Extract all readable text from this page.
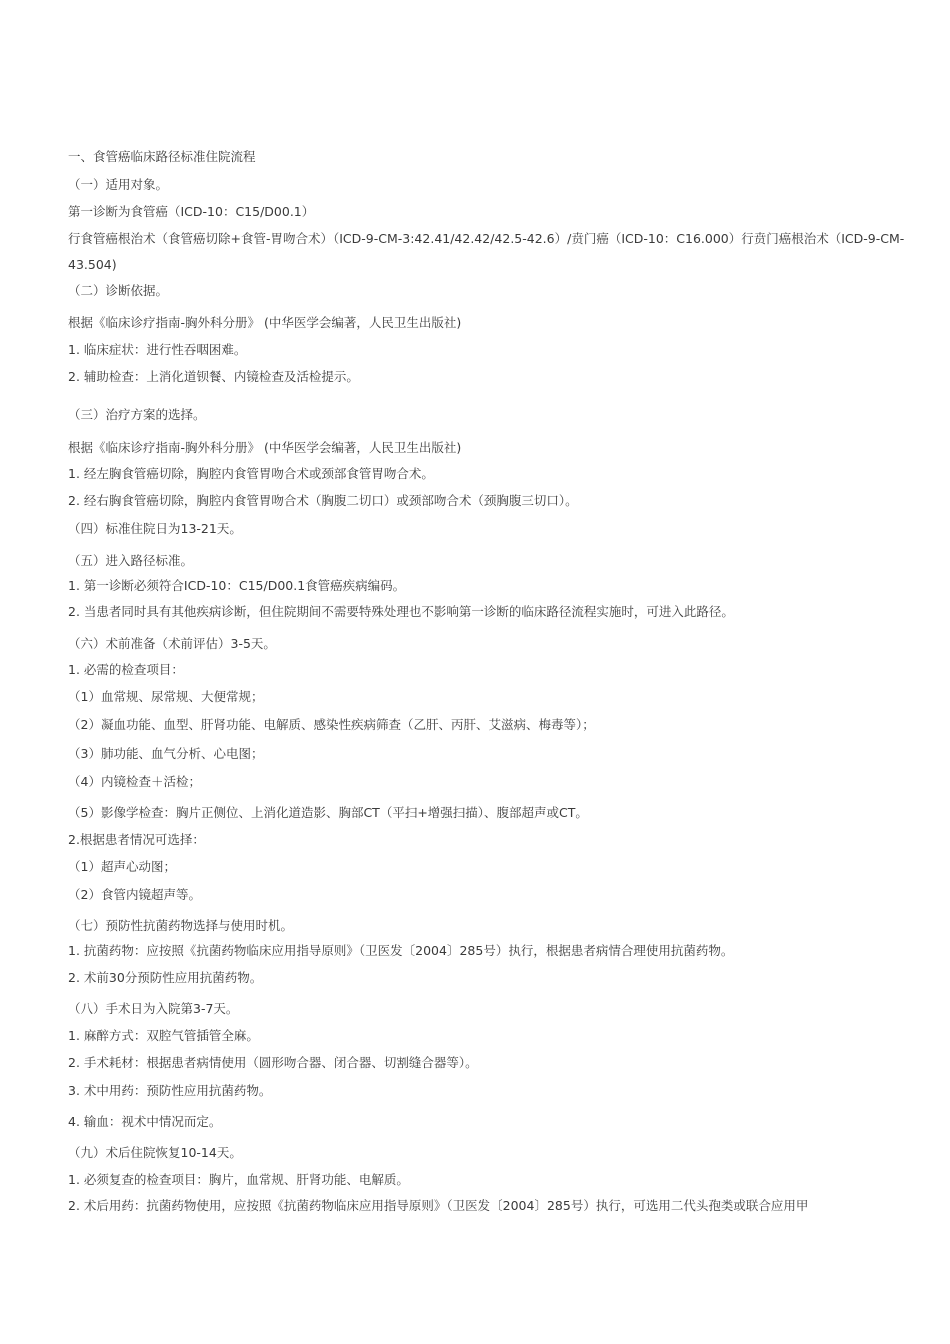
一、食管癌临床路径标准住院流程
（一）适用对象。
第一诊断为食管癌（ICD-10：C15/D00.1）
行食管癌根治术（食管癌切除+食管-胃吻合术）（ICD-9-CM-3:42.41/42.42/42.5-42.6）/贲门癌（ICD-10：C16.000）行贲门癌根治术（ICD-9-CM-43.504)
（二）诊断依据。
根据《临床诊疗指南-胸外科分册》 (中华医学会编著，人民卫生出版社)
1. 临床症状：进行性吞咽困难。
2. 辅助检查：上消化道钡餐、内镜检查及活检提示。
（三）治疗方案的选择。
根据《临床诊疗指南-胸外科分册》 (中华医学会编著，人民卫生出版社)
1. 经左胸食管癌切除，胸腔内食管胃吻合术或颈部食管胃吻合术。
2. 经右胸食管癌切除，胸腔内食管胃吻合术（胸腹二切口）或颈部吻合术（颈胸腹三切口）。
（四）标准住院日为13-21天。
（五）进入路径标准。
1. 第一诊断必须符合ICD-10：C15/D00.1食管癌疾病编码。
2. 当患者同时具有其他疾病诊断，但住院期间不需要特殊处理也不影响第一诊断的临床路径流程实施时，可进入此路径。
（六）术前准备（术前评估）3-5天。
1. 必需的检查项目：
（1）血常规、尿常规、大便常规；
（2）凝血功能、血型、肝肾功能、电解质、感染性疾病筛查（乙肝、丙肝、艾滋病、梅毒等）；
（3）肺功能、血气分析、心电图；
（4）内镜检查＋活检；
（5）影像学检查：胸片正侧位、上消化道造影、胸部CT（平扫+增强扫描）、腹部超声或CT。
2.根据患者情况可选择：
（1）超声心动图；
（2）食管内镜超声等。
（七）预防性抗菌药物选择与使用时机。
1. 抗菌药物：应按照《抗菌药物临床应用指导原则》（卫医发〔2004〕285号）执行，根据患者病情合理使用抗菌药物。
2. 术前30分预防性应用抗菌药物。
（八）手术日为入院第3-7天。
1. 麻醉方式：双腔气管插管全麻。
2. 手术耗材：根据患者病情使用（圆形吻合器、闭合器、切割缝合器等）。
3. 术中用药：预防性应用抗菌药物。
4. 输血：视术中情况而定。
（九）术后住院恢复10-14天。
1. 必须复查的检查项目：胸片，血常规、肝肾功能、电解质。
2. 术后用药：抗菌药物使用，应按照《抗菌药物临床应用指导原则》（卫医发〔2004〕285号）执行，可选用二代头孢类或联合应用甲
